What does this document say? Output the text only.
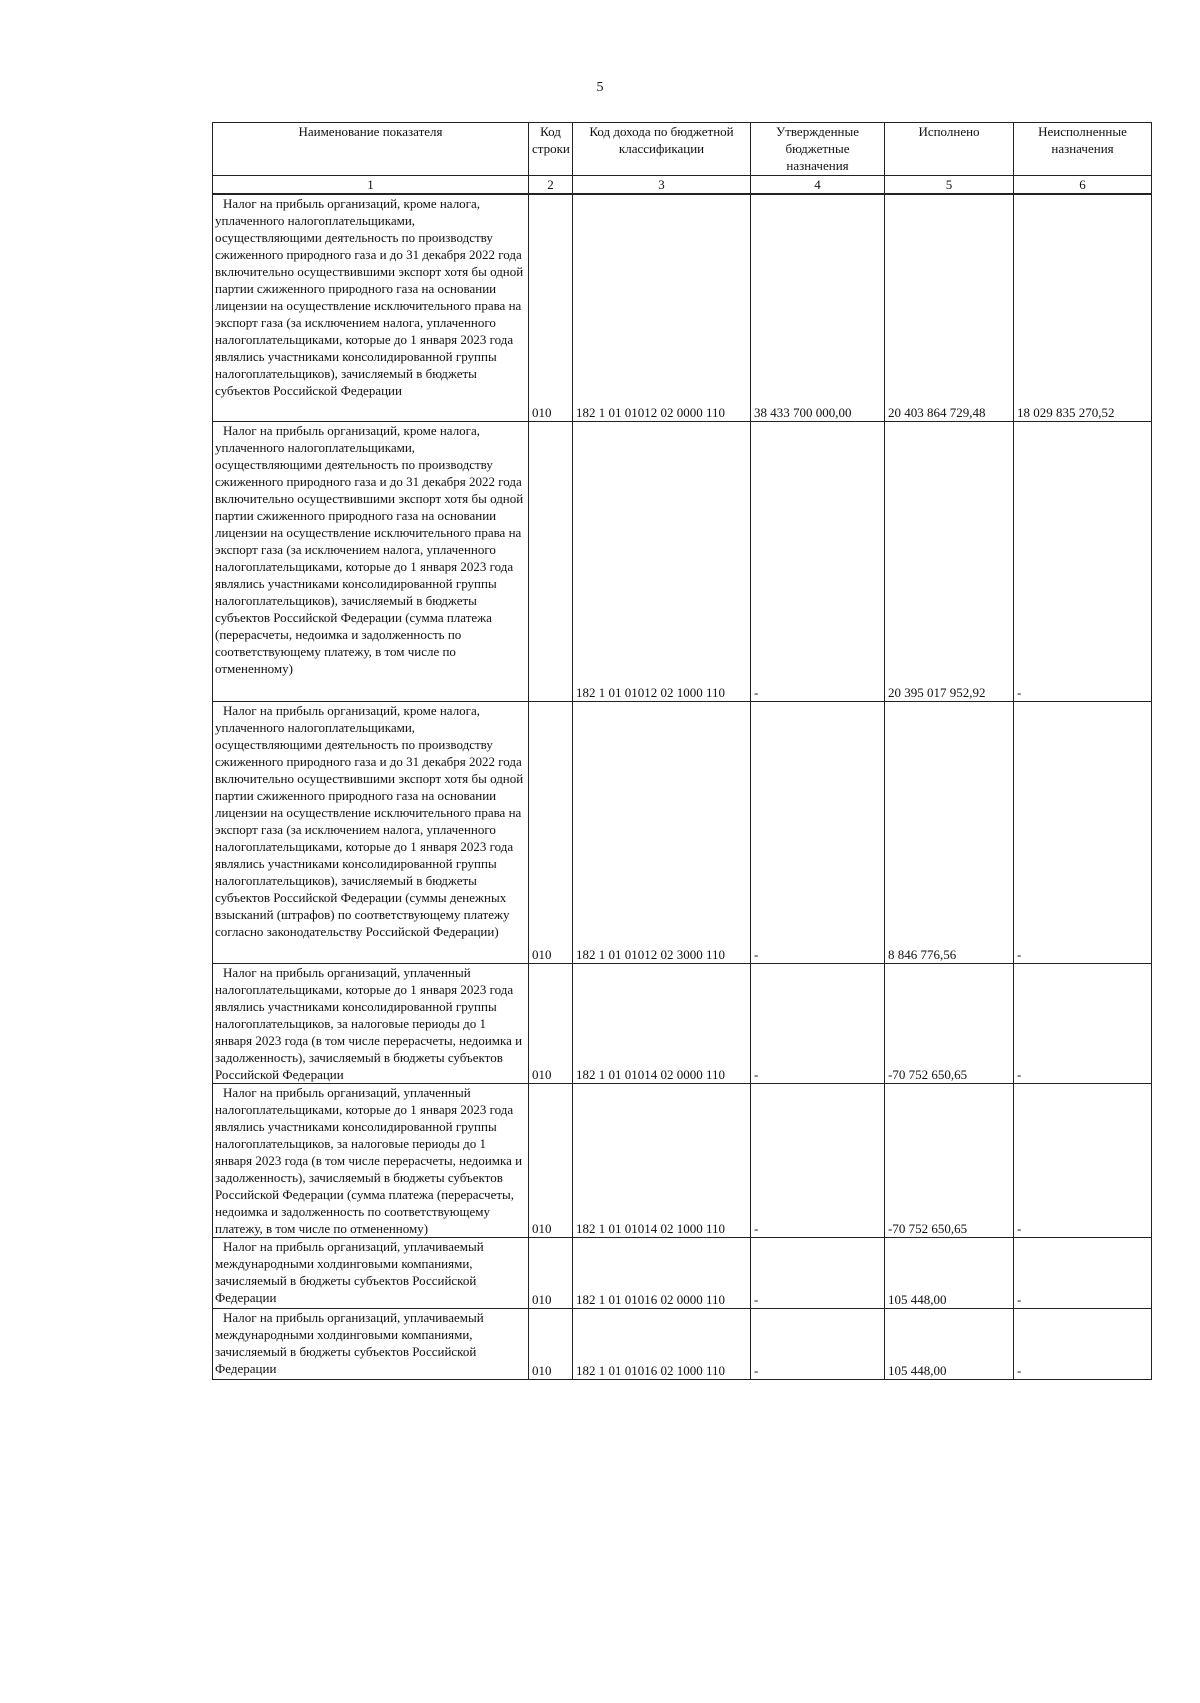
5
Наименование показателя	Код строки	Код дохода по бюджетной классификации	Утвержденные бюджетные назначения	Исполнено	Неисполненные назначения
1	2	3	4	5	6
Налог на прибыль организаций, кроме налога, уплаченного налогоплательщиками, осуществляющими деятельность по производству сжиженного природного газа и до 31 декабря 2022 года включительно осуществившими экспорт хотя бы одной партии сжиженного природного газа на основании лицензии на осуществление исключительного права на экспорт газа (за исключением налога, уплаченного налогоплательщиками, которые до 1 января 2023 года являлись участниками консолидированной группы налогоплательщиков), зачисляемый в бюджеты субъектов Российской Федерации	010	182 1 01 01012 02 0000 110	38 433 700 000,00	20 403 864 729,48	18 029 835 270,52
Налог на прибыль организаций, кроме налога, уплаченного налогоплательщиками, осуществляющими деятельность по производству сжиженного природного газа и до 31 декабря 2022 года включительно осуществившими экспорт хотя бы одной партии сжиженного природного газа на основании лицензии на осуществление исключительного права на экспорт газа (за исключением налога, уплаченного налогоплательщиками, которые до 1 января 2023 года являлись участниками консолидированной группы налогоплательщиков), зачисляемый в бюджеты субъектов Российской Федерации (сумма платежа (перерасчеты, недоимка и задолженность по соответствующему платежу, в том числе по отмененному)		182 1 01 01012 02 1000 110	-	20 395 017 952,92	-
Налог на прибыль организаций, кроме налога, уплаченного налогоплательщиками, осуществляющими деятельность по производству сжиженного природного газа и до 31 декабря 2022 года включительно осуществившими экспорт хотя бы одной партии сжиженного природного газа на основании лицензии на осуществление исключительного права на экспорт газа (за исключением налога, уплаченного налогоплательщиками, которые до 1 января 2023 года являлись участниками консолидированной группы налогоплательщиков), зачисляемый в бюджеты субъектов Российской Федерации (суммы денежных взысканий (штрафов) по соответствующему платежу согласно законодательству Российской Федерации)	010	182 1 01 01012 02 3000 110	-	8 846 776,56	-
Налог на прибыль организаций, уплаченный налогоплательщиками, которые до 1 января 2023 года являлись участниками консолидированной группы налогоплательщиков, за налоговые периоды до 1 января 2023 года (в том числе перерасчеты, недоимка и задолженность), зачисляемый в бюджеты субъектов Российской Федерации	010	182 1 01 01014 02 0000 110	-	-70 752 650,65	-
Налог на прибыль организаций, уплаченный налогоплательщиками, которые до 1 января 2023 года являлись участниками консолидированной группы налогоплательщиков, за налоговые периоды до 1 января 2023 года (в том числе перерасчеты, недоимка и задолженность), зачисляемый в бюджеты субъектов Российской Федерации (сумма платежа (перерасчеты, недоимка и задолженность по соответствующему платежу, в том числе по отмененному)	010	182 1 01 01014 02 1000 110	-	-70 752 650,65	-
Налог на прибыль организаций, уплачиваемый международными холдинговыми компаниями, зачисляемый в бюджеты субъектов Российской Федерации	010	182 1 01 01016 02 0000 110	-	105 448,00	-
Налог на прибыль организаций, уплачиваемый международными холдинговыми компаниями, зачисляемый в бюджеты субъектов Российской Федерации	010	182 1 01 01016 02 1000 110	-	105 448,00	-
